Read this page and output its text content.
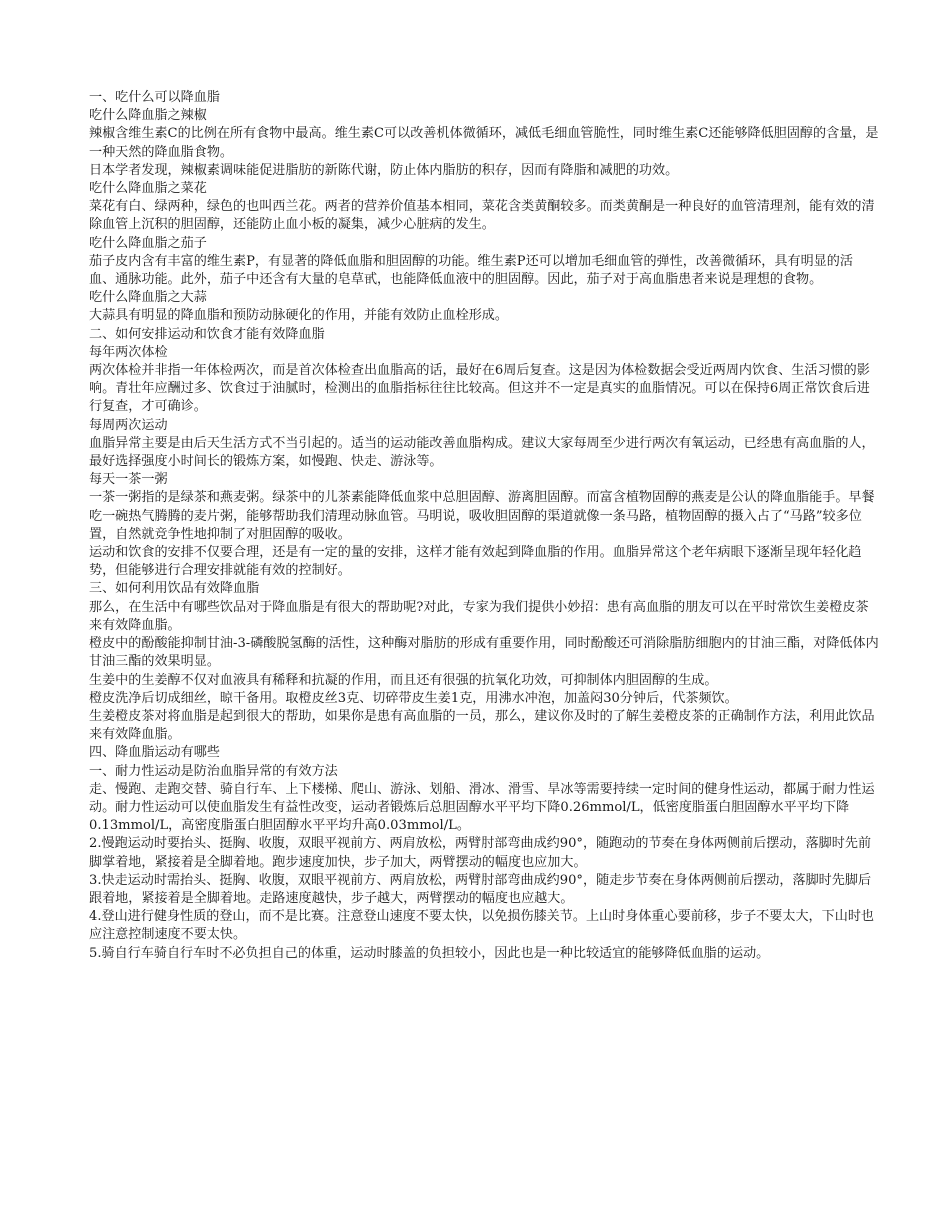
一、吃什么可以降血脂

吃什么降血脂之辣椒

辣椒含维生素C的比例在所有食物中最高。维生素C可以改善机体微循环，减低毛细血管脆性，同时维生素C还能够降低胆固醇的含量，是一种天然的降血脂食物。

日本学者发现，辣椒素调味能促进脂肪的新陈代谢，防止体内脂肪的积存，因而有降脂和减肥的功效。

吃什么降血脂之菜花

菜花有白、绿两种，绿色的也叫西兰花。两者的营养价值基本相同，菜花含类黄酮较多。而类黄酮是一种良好的血管清理剂，能有效的清除血管上沉积的胆固醇，还能防止血小板的凝集，减少心脏病的发生。

吃什么降血脂之茄子

茄子皮内含有丰富的维生素P，有显著的降低血脂和胆固醇的功能。维生素P还可以增加毛细血管的弹性，改善微循环，具有明显的活血、通脉功能。此外，茄子中还含有大量的皂草甙，也能降低血液中的胆固醇。因此，茄子对于高血脂患者来说是理想的食物。

吃什么降血脂之大蒜

大蒜具有明显的降血脂和预防动脉硬化的作用，并能有效防止血栓形成。

二、如何安排运动和饮食才能有效降血脂

每年两次体检

两次体检并非指一年体检两次，而是首次体检查出血脂高的话，最好在6周后复查。这是因为体检数据会受近两周内饮食、生活习惯的影响。青壮年应酬过多、饮食过于油腻时，检测出的血脂指标往往比较高。但这并不一定是真实的血脂情况。可以在保持6周正常饮食后进行复查，才可确诊。

每周两次运动

血脂异常主要是由后天生活方式不当引起的。适当的运动能改善血脂构成。建议大家每周至少进行两次有氧运动，已经患有高血脂的人，最好选择强度小时间长的锻炼方案，如慢跑、快走、游泳等。

每天一茶一粥

一茶一粥指的是绿茶和燕麦粥。绿茶中的儿茶素能降低血浆中总胆固醇、游离胆固醇。而富含植物固醇的燕麦是公认的降血脂能手。早餐吃一碗热气腾腾的麦片粥，能够帮助我们清理动脉血管。马明说，吸收胆固醇的渠道就像一条马路，植物固醇的摄入占了“马路”较多位置，自然就竞争性地抑制了对胆固醇的吸收。

运动和饮食的安排不仅要合理，还是有一定的量的安排，这样才能有效起到降血脂的作用。血脂异常这个老年病眼下逐渐呈现年轻化趋势，但能够进行合理安排就能有效的控制好。

三、如何利用饮品有效降血脂

那么，在生活中有哪些饮品对于降血脂是有很大的帮助呢?对此，专家为我们提供小妙招：患有高血脂的朋友可以在平时常饮生姜橙皮茶来有效降血脂。

橙皮中的酚酸能抑制甘油-3-磷酸脱氢酶的活性，这种酶对脂肪的形成有重要作用，同时酚酸还可消除脂肪细胞内的甘油三酯，对降低体内甘油三酯的效果明显。

生姜中的生姜醇不仅对血液具有稀释和抗凝的作用，而且还有很强的抗氧化功效，可抑制体内胆固醇的生成。

橙皮洗净后切成细丝，晾干备用。取橙皮丝3克、切碎带皮生姜1克，用沸水冲泡，加盖闷30分钟后，代茶频饮。

生姜橙皮茶对将血脂是起到很大的帮助，如果你是患有高血脂的一员，那么，建议你及时的了解生姜橙皮茶的正确制作方法，利用此饮品来有效降血脂。

四、降血脂运动有哪些

一、耐力性运动是防治血脂异常的有效方法

走、慢跑、走跑交替、骑自行车、上下楼梯、爬山、游泳、划船、滑冰、滑雪、旱冰等需要持续一定时间的健身性运动，都属于耐力性运动。耐力性运动可以使血脂发生有益性改变，运动者锻炼后总胆固醇水平平均下降0.26mmol/L，低密度脂蛋白胆固醇水平平均下降0.13mmol/L，高密度脂蛋白胆固醇水平平均升高0.03mmol/L。

2.慢跑运动时要抬头、挺胸、收腹，双眼平视前方、两肩放松，两臂肘部弯曲成约90°，随跑动的节奏在身体两侧前后摆动，落脚时先前脚掌着地，紧接着是全脚着地。跑步速度加快，步子加大，两臂摆动的幅度也应加大。

3.快走运动时需抬头、挺胸、收腹，双眼平视前方、两肩放松，两臂肘部弯曲成约90°，随走步节奏在身体两侧前后摆动，落脚时先脚后跟着地，紧接着是全脚着地。走路速度越快，步子越大，两臂摆动的幅度也应越大。

4.登山进行健身性质的登山，而不是比赛。注意登山速度不要太快，以免损伤膝关节。上山时身体重心要前移，步子不要太大，下山时也应注意控制速度不要太快。

5.骑自行车骑自行车时不必负担自己的体重，运动时膝盖的负担较小，因此也是一种比较适宜的能够降低血脂的运动。
